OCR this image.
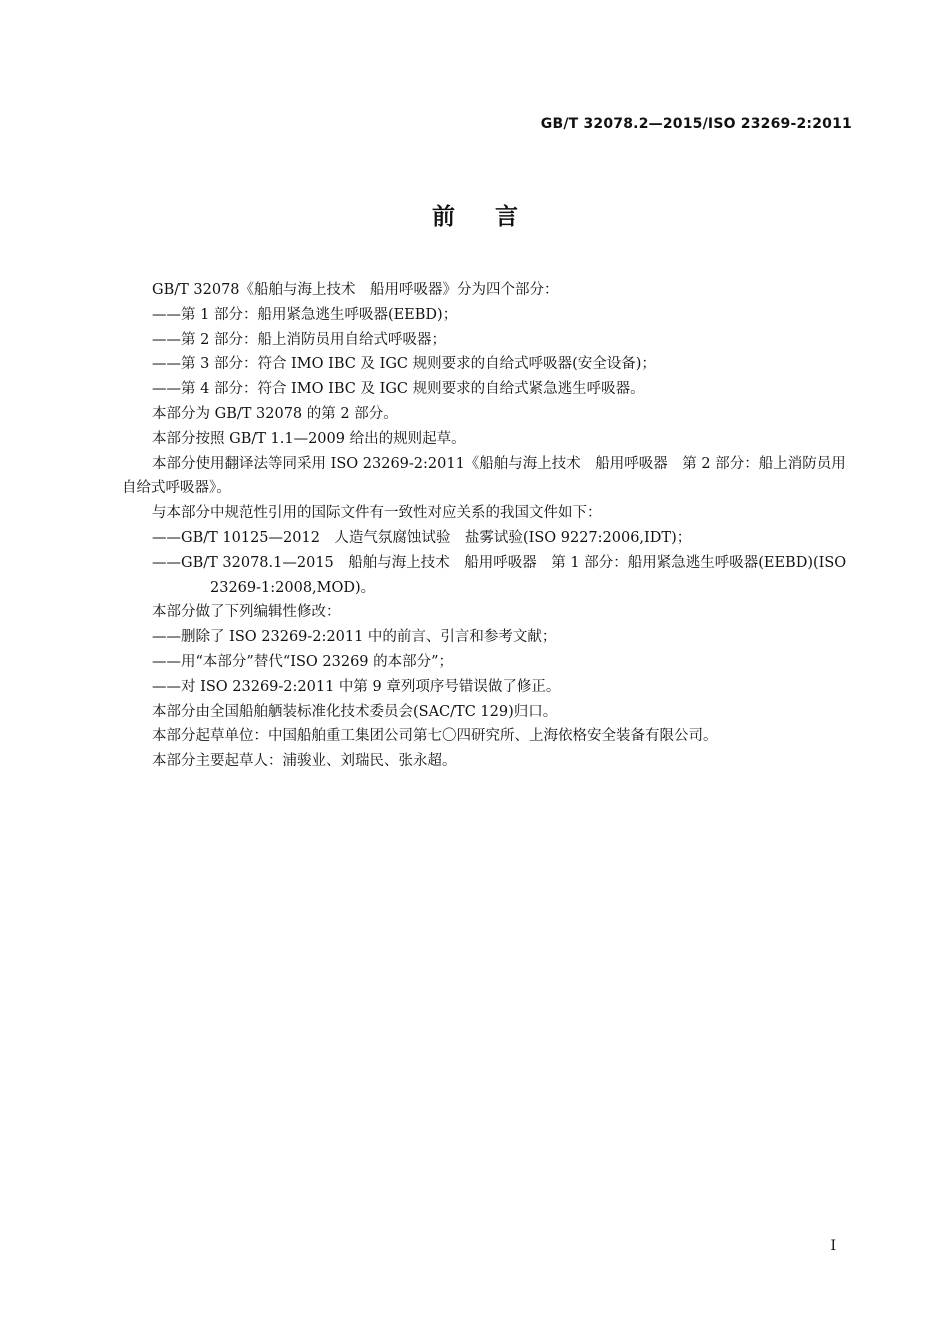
GB/T 32078.2—2015/ISO 23269-2:2011
前言

GB/T 32078《船舶与海上技术　船用呼吸器》分为四个部分：

——第 1 部分：船用紧急逃生呼吸器(EEBD)；

——第 2 部分：船上消防员用自给式呼吸器；

——第 3 部分：符合 IMO IBC 及 IGC 规则要求的自给式呼吸器(安全设备)；

——第 4 部分：符合 IMO IBC 及 IGC 规则要求的自给式紧急逃生呼吸器。

本部分为 GB/T 32078 的第 2 部分。

本部分按照 GB/T 1.1—2009 给出的规则起草。

本部分使用翻译法等同采用 ISO 23269-2:2011《船舶与海上技术　船用呼吸器　第 2 部分：船上消防员用自给式呼吸器》。

与本部分中规范性引用的国际文件有一致性对应关系的我国文件如下：

——GB/T 10125—2012　人造气氛腐蚀试验　盐雾试验(ISO 9227:2006,IDT)；

——GB/T 32078.1—2015　船舶与海上技术　船用呼吸器　第 1 部分：船用紧急逃生呼吸器(EEBD)(ISO 23269-1:2008,MOD)。

本部分做了下列编辑性修改：

——删除了 ISO 23269-2:2011 中的前言、引言和参考文献；

——用“本部分”替代“ISO 23269 的本部分”；

——对 ISO 23269-2:2011 中第 9 章列项序号错误做了修正。

本部分由全国船舶舾装标准化技术委员会(SAC/TC 129)归口。

本部分起草单位：中国船舶重工集团公司第七〇四研究所、上海依格安全装备有限公司。

本部分主要起草人：浦骏业、刘瑞民、张永超。

I
